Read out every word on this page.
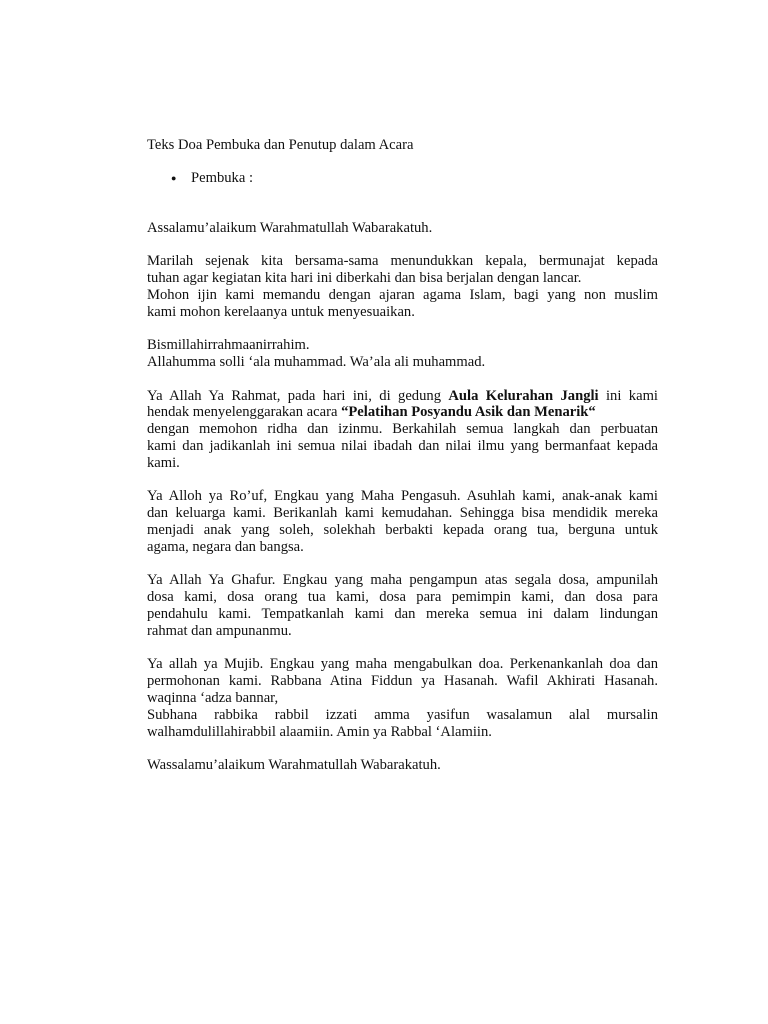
Teks Doa Pembuka dan Penutup dalam Acara
● Pembuka :
Assalamu’alaikum Warahmatullah Wabarakatuh.
Marilah sejenak kita bersama-sama menundukkan kepala, bermunajat kepada
tuhan agar kegiatan kita hari ini diberkahi dan bisa berjalan dengan lancar.
Mohon ijin kami memandu dengan ajaran agama Islam, bagi yang non muslim
kami mohon kerelaanya untuk menyesuaikan.
Bismillahirrahmaanirrahim.
Allahumma solli ‘ala muhammad. Wa’ala ali muhammad.
Ya Allah Ya Rahmat, pada hari ini, di gedung Aula Kelurahan Jangli ini kami
hendak menyelenggarakan acara “Pelatihan Posyandu Asik dan Menarik“
dengan memohon ridha dan izinmu. Berkahilah semua langkah dan perbuatan
kami dan jadikanlah ini semua nilai ibadah dan nilai ilmu yang bermanfaat kepada
kami.
Ya Alloh ya Ro’uf, Engkau yang Maha Pengasuh. Asuhlah kami, anak-anak kami
dan keluarga kami. Berikanlah kami kemudahan. Sehingga bisa mendidik mereka
menjadi anak yang soleh, solekhah berbakti kepada orang tua, berguna untuk
agama, negara dan bangsa.
Ya Allah Ya Ghafur. Engkau yang maha pengampun atas segala dosa, ampunilah
dosa kami, dosa orang tua kami, dosa para pemimpin kami, dan dosa para
pendahulu kami. Tempatkanlah kami dan mereka semua ini dalam lindungan
rahmat dan ampunanmu.
Ya allah ya Mujib. Engkau yang maha mengabulkan doa. Perkenankanlah doa dan
permohonan kami. Rabbana Atina Fiddun ya Hasanah. Wafil Akhirati Hasanah.
waqinna ‘adza bannar,
Subhana rabbika rabbil izzati amma yasifun wasalamun alal mursalin
walhamdulillahirabbil alaamiin. Amin ya Rabbal ‘Alamiin.
Wassalamu’alaikum Warahmatullah Wabarakatuh.
